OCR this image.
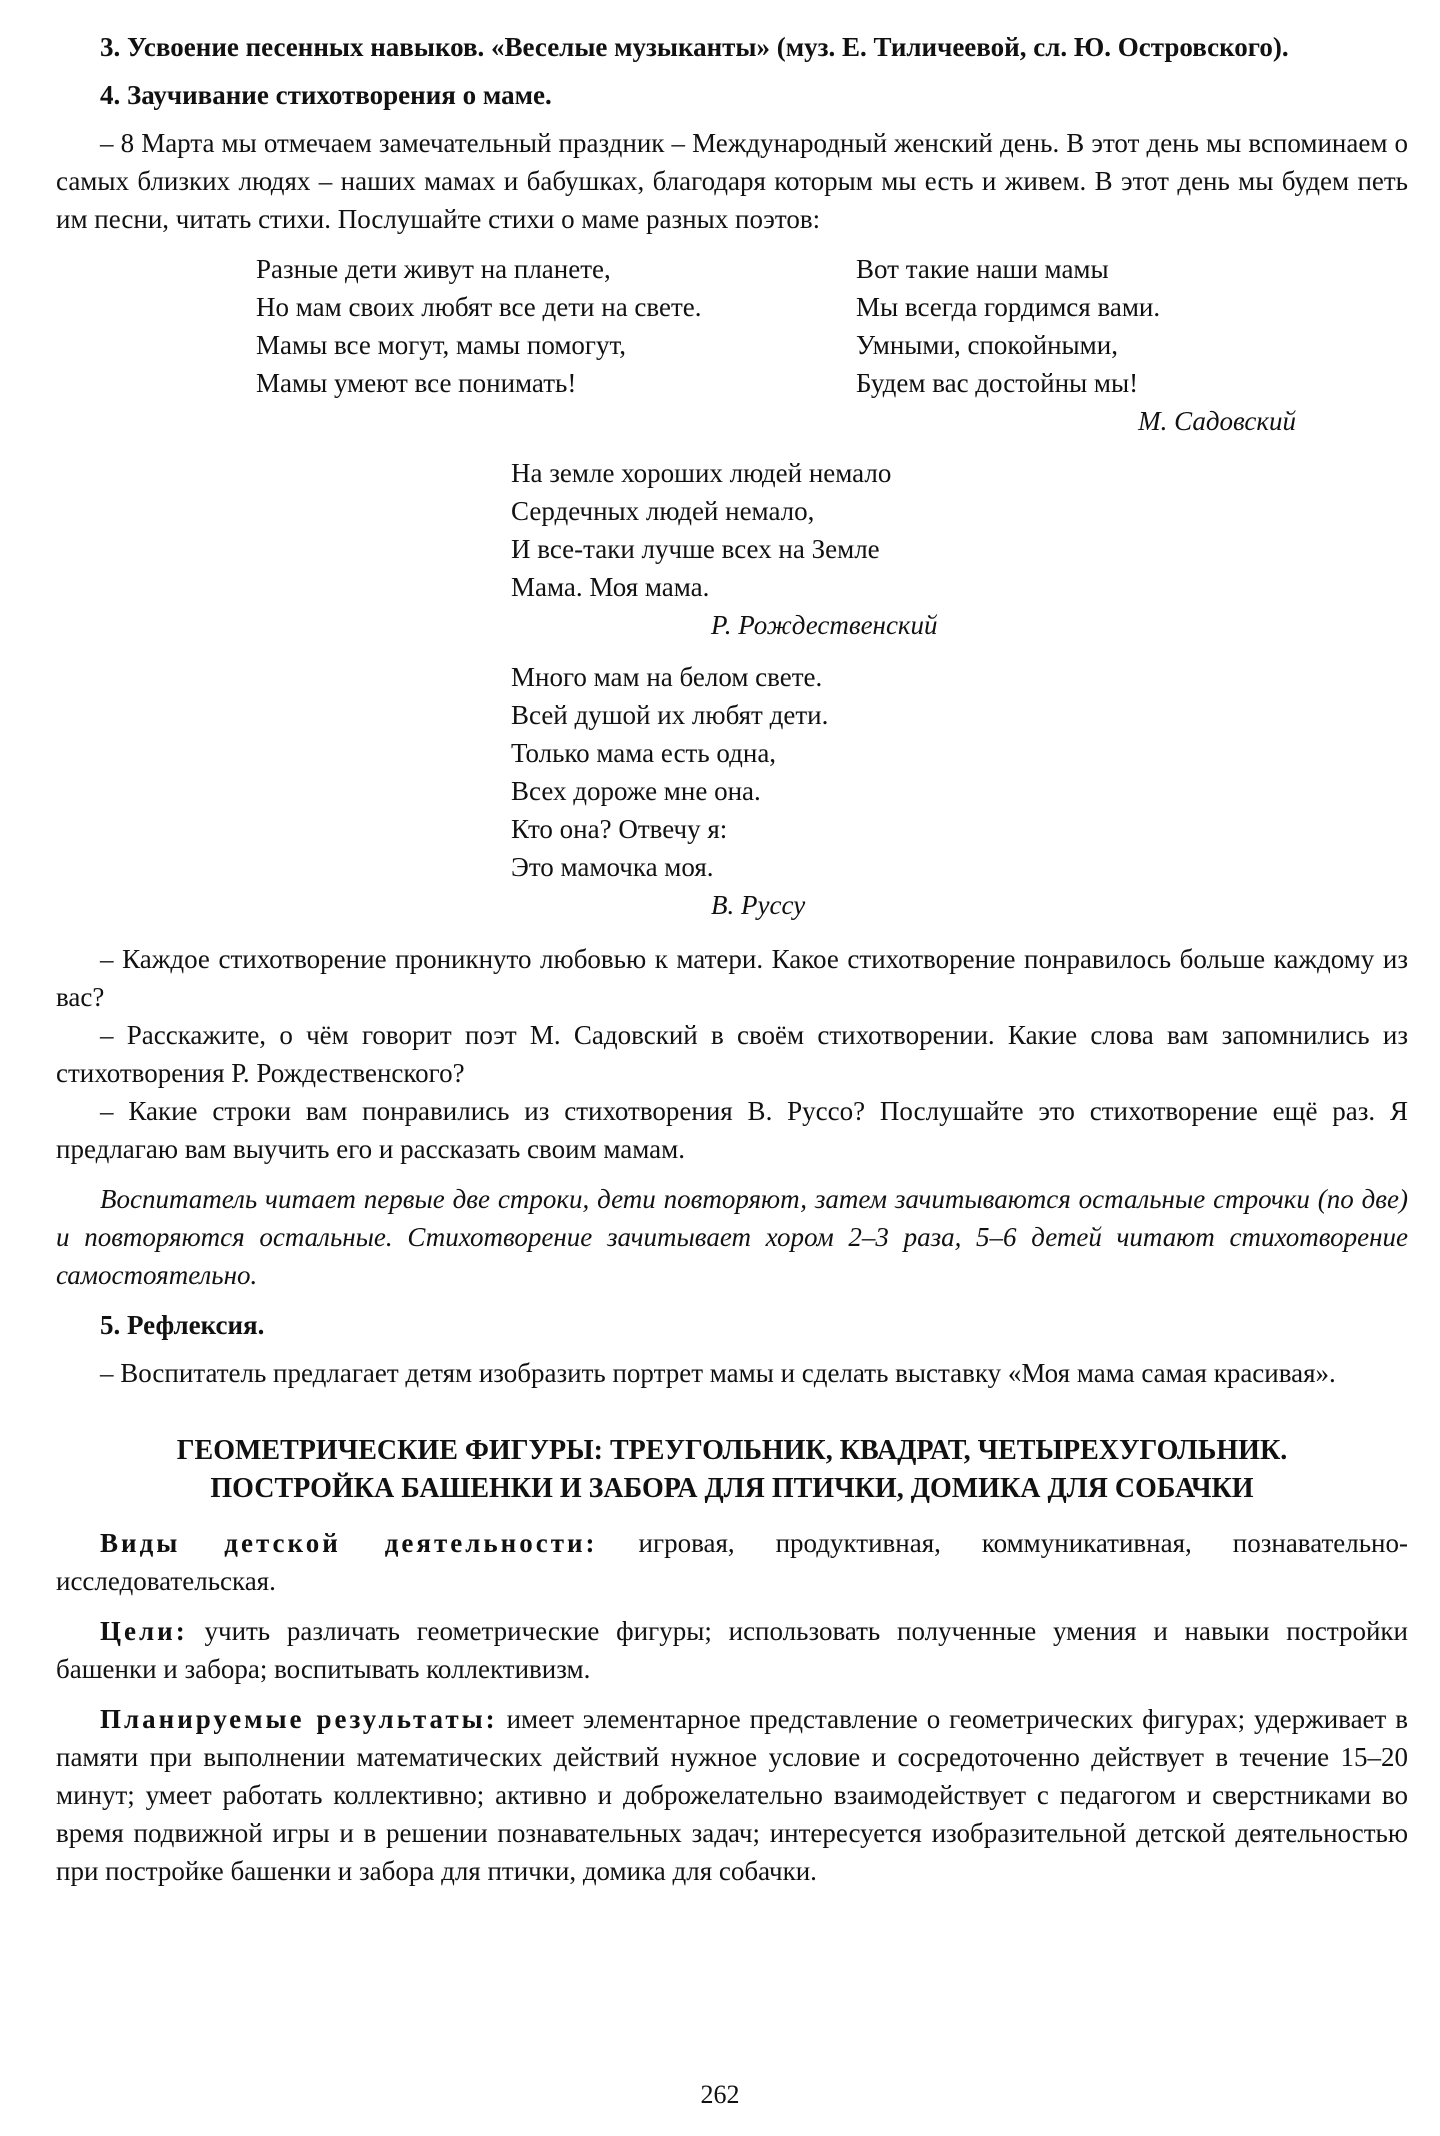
3. Усвоение песенных навыков. «Веселые музыканты» (муз. Е. Тиличеевой, сл. Ю. Островского).

4. Заучивание стихотворения о маме.

– 8 Марта мы отмечаем замечательный праздник – Международный женский день. В этот день мы вспоминаем о самых близких людях – наших мамах и бабушках, благодаря которым мы есть и живем. В этот день мы будем петь им песни, читать стихи. Послушайте стихи о маме разных поэтов:

Разные дети живут на планете,
Но мам своих любят все дети на свете.
Мамы все могут, мамы помогут,
Мамы умеют все понимать!
Вот такие наши мамы
Мы всегда гордимся вами.
Умными, спокойными,
Будем вас достойны мы!
М. Садовский
На земле хороших людей немало
Сердечных людей немало,
И все-таки лучше всех на Земле
Мама. Моя мама.
Р. Рождественский
Много мам на белом свете.
Всей душой их любят дети.
Только мама есть одна,
Всех дороже мне она.
Кто она? Отвечу я:
Это мамочка моя.
В. Руссу

– Каждое стихотворение проникнуто любовью к матери. Какое стихотворение понравилось больше каждому из вас?

– Расскажите, о чём говорит поэт М. Садовский в своём стихотворении. Какие слова вам запомнились из стихотворения Р. Рождественского?

– Какие строки вам понравились из стихотворения В. Руссо? Послушайте это стихотворение ещё раз. Я предлагаю вам выучить его и рассказать своим мамам.

Воспитатель читает первые две строки, дети повторяют, затем зачитываются остальные строчки (по две) и повторяются остальные. Стихотворение зачитывает хором 2–3 раза, 5–6 детей читают стихотворение самостоятельно.

5. Рефлексия.

– Воспитатель предлагает детям изобразить портрет мамы и сделать выставку «Моя мама самая красивая».

ГЕОМЕТРИЧЕСКИЕ ФИГУРЫ: ТРЕУГОЛЬНИК, КВАДРАТ, ЧЕТЫРЕХУГОЛЬНИК.
ПОСТРОЙКА БАШЕНКИ И ЗАБОРА ДЛЯ ПТИЧКИ, ДОМИКА ДЛЯ СОБАЧКИ

Виды детской деятельности: игровая, продуктивная, коммуникативная, познавательно-исследовательская.

Цели: учить различать геометрические фигуры; использовать полученные умения и навыки постройки башенки и забора; воспитывать коллективизм.

Планируемые результаты: имеет элементарное представление о геометрических фигурах; удерживает в памяти при выполнении математических действий нужное условие и сосредоточенно действует в течение 15–20 минут; умеет работать коллективно; активно и доброжелательно взаимодействует с педагогом и сверстниками во время подвижной игры и в решении познавательных задач; интересуется изобразительной детской деятельностью при постройке башенки и забора для птички, домика для собачки.

262
